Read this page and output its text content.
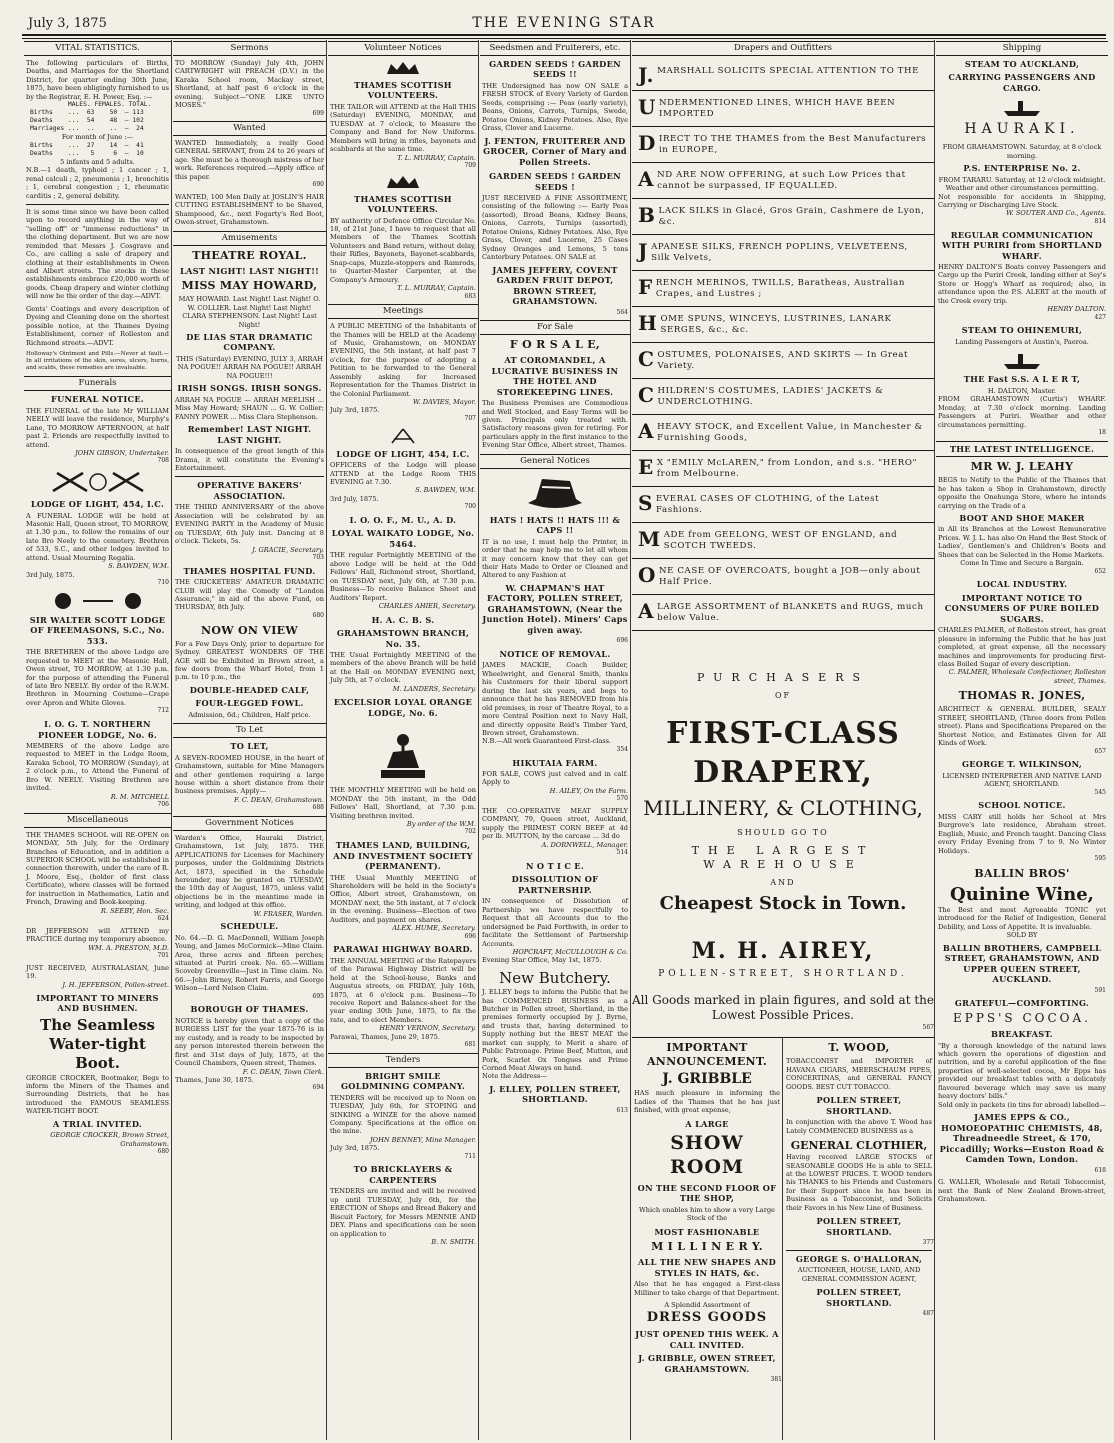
July 3, 1875	THE EVENING STAR
VITAL STATISTICS.
The following particulars of Births, Deaths, and Marriages for the Shortland District, for quarter ending 30th June, 1875, have been obligingly furnished to us by the Registrar, E. H. Power, Esq. :—
MALES. FEMALES. TOTAL.
Births    ...  63    50  — 113
Deaths    ...  54    48  — 102
Marriages ...  ..    ..  —  24
For month of June :—
Births    ...  27    14  —  41
Deaths    ...   5     6  —  10
5 infants and 5 adults.
N.B.—1 death, typhoid ; 1 cancer ; 1, renal calculi ; 2, pneumonia ; 1, bronchitis ; 1, cerebral congestion ; 1, rheumatic carditis ; 2, general debility.
It is some time since we have been called upon to record anything in the way of "selling off" or "immense reductions" in the clothing department. But we are now reminded that Messrs J. Cosgrave and Co., are calling a sale of drapery and clothing at their establishments in Owen and Albert streets. The stocks in these establishments embrace £20,000 worth of goods. Cheap drapery and winter clothing will now be the order of the day.—ADVT.
Gents' Coatings and every description of Dyeing and Cleaning done on the shortest possible notice, at the Thames Dyeing Establishment, corner of Rolleston and Richmond streets.—ADVT.
Holloway's Ointment and Pills.—Never at fault.—In all irritations of the skin, sores, ulcers, burns, and scalds, these remedies are invaluable.
Funerals
FUNERAL NOTICE.
THE FUNERAL of the late Mr WILLIAM NEELY will leave the residence, Murphy's Lane, TO MORROW AFTERNOON, at half past 2. Friends are respectfully invited to attend.
JOHN GIBSON, Undertaker.
708
LODGE OF LIGHT, 454, I.C.
A FUNERAL LODGE will be held at Masonic Hall, Queen street, TO MORROW, at 1.30 p.m., to follow the remains of our late Bro Neely to the cemetery. Brethren of 533, S.C., and other lodges invited to attend. Usual Mourning Regalia.
S. BAWDEN, W.M.
3rd July, 1875.
710
SIR WALTER SCOTT LODGE OF FREEMASONS, S.C., No. 533.
THE BRETHREN of the above Lodge are requested to MEET at the Masonic Hall, Owen street, TO MORROW, at 1.30 p.m. for the purpose of attending the Funeral of late Bro NEELY. By order of the R.W.M. Brethren in Mourning Costume—Crape over Apron and White Gloves.
712
I. O. G. T. NORTHERN PIONEER LODGE, No. 6.
MEMBERS of the above Lodge are requested to MEET in the Lodge Room, Karaka School, TO MORROW (Sunday), at 2 o'clock p.m., to Attend the Funeral of Bro W. NEELY. Visiting Brethren are invited.
R. M. MITCHELL
706
Miscellaneous
THE THAMES SCHOOL will RE-OPEN on MONDAY, 5th July, for the Ordinary Branches of Education, and in addition a SUPERIOR SCHOOL will be established in connection therewith, under the care of R. J. Moore, Esq., (holder of first class Certificate), where classes will be formed for instruction in Mathematics, Latin and French, Drawing and Book-keeping.
R. SEEBY, Hon. Sec.
624
DR JEFFERSON will ATTEND my PRACTICE during my temporary absence.
WM. A. PRESTON, M.D.
701
JUST RECEIVED, AUSTRALASIAN, June 19.
J. H. JEFFERSON, Pollen-street.
IMPORTANT TO MINERS AND BUSHMEN.
The Seamless Water-tight Boot.
GEORGE CROCKER, Bootmaker, Begs to inform the Miners of the Thames and Surrounding Districts, that he has introduced the FAMOUS SEAMLESS WATER-TIGHT BOOT.
A TRIAL INVITED.
GEORGE CROCKER, Brown Street, Grahamstown.
680
Sermons
TO MORROW (Sunday) July 4th, JOHN CARTWRIGHT will PREACH (D.V.) in the Karaka School room, Mackay street, Shortland, at half past 6 o'clock in the evening. Subject—"ONE LIKE UNTO MOSES."
699
Wanted
WANTED Immediately, a really Good GENERAL SERVANT, from 24 to 26 years of age. She must be a thorough mistress of her work. References required.—Apply office of this paper.
690
WANTED, 100 Men Daily at JOSLIN'S HAIR CUTTING ESTABLISHMENT to be Shaved, Shampooed, &c., next Fogarty's Red Boot, Owen-street, Grahamstown.
Amusements
THEATRE ROYAL.
LAST NIGHT! LAST NIGHT!!
MISS MAY HOWARD,
MAY HOWARD. Last Night! Last Night! O. W. COLLIER. Last Night! Last Night! CLARA STEPHENSON. Last Night! Last Night!
DE LIAS STAR DRAMATIC COMPANY.
THIS (Saturday) EVENING, JULY 3, ARRAH NA POGUE!! ARRAH NA POGUE!! ARRAH NA POGUE!!!
IRISH SONGS. IRISH SONGS.
ARRAH NA POGUE — ARRAH MEELISH ... Miss May Howard; SHAUN ... G. W. Collier; FANNY POWER ... Miss Clara Stephenson.
Remember! LAST NIGHT. LAST NIGHT.
In consequence of the great length of this Drama, it will constitute the Evening's Entertainment.
OPERATIVE BAKERS' ASSOCIATION.
THE THIRD ANNIVERSARY of the above Association will be celebrated by an EVENING PARTY in the Academy of Music on TUESDAY, 6th July inst. Dancing at 8 o'clock. Tickets, 5s.
J. GRACIE, Secretary.
703
THAMES HOSPITAL FUND.
THE CRICKETERS' AMATEUR DRAMATIC CLUB will play the Comedy of "London Assurance," in aid of the above Fund, on THURSDAY, 8th July.
680
NOW ON VIEW
For a Few Days Only, prior to departure for Sydney. GREATEST WONDERS OF THE AGE will be Exhibited in Brown street, a few doors from the Wharf Hotel, from 1 p.m. to 10 p.m., the
DOUBLE-HEADED CALF,
FOUR-LEGGED FOWL.
Admission, 6d.; Children, Half price.
To Let
TO LET,
A SEVEN-ROOMED HOUSE, in the heart of Grahamstown, suitable for Mine Managers and other gentlemen requiring a large house within a short distance from their business premises. Apply—
F. C. DEAN, Grahamstown.
688
Government Notices
Warden's Office, Hauraki District, Grahamstown, 1st July, 1875. THE APPLICATIONS for Licenses for Machinery purposes, under the Goldmining Districts Act, 1873, specified in the Schedule hereunder, may be granted on TUESDAY, the 10th day of August, 1875, unless valid objections be in the meantime made in writing, and lodged at this office.
W. FRASER, Warden.
SCHEDULE.
No. 64.—D. G. MacDonnell, William Joseph Young, and James McCormick—Mine Claim. Area, three acres and fifteen perches; situated at Puriri creek. No. 65.—William Scoveby Greenville—Just in Time claim. No. 66.—John Birney, Robert Farris, and George Wilson—Lord Nelson Claim.
695
BOROUGH OF THAMES.
NOTICE is hereby given that a copy of the BURGESS LIST for the year 1875-76 is in my custody, and is ready to be inspected by any person interested therein between the first and 31st days of July, 1875, at the Council Chambers, Queen street, Thames.
F. C. DEAN, Town Clerk.
Thames, June 30, 1875.
694
Volunteer Notices
THAMES SCOTTISH VOLUNTEERS.
THE TAILOR will ATTEND at the Hall THIS (Saturday) EVENING, MONDAY, and TUESDAY at 7 o'clock, to Measure the Company and Band for New Uniforms. Members will bring in rifles, bayonets and scabbards at the same time.
T. L. MURRAY, Captain.
709
THAMES SCOTTISH VOLUNTEERS.
BY authority of Defence Office Circular No. 18, of 21st June, I have to request that all Members of the Thames Scottish Volunteers and Band return, without delay, their Rifles, Bayonets, Bayonet-scabbards, Snap-caps, Muzzle-stoppers and Ramrods, to Quarter-Master Carpenter, at the Company's Armoury.
T. L. MURRAY, Captain.
683
Meetings
A PUBLIC MEETING of the Inhabitants of the Thames will be HELD at the Academy of Music, Grahamstown, on MONDAY EVENING, the 5th instant, at half past 7 o'clock, for the purpose of adopting a Petition to be forwarded to the General Assembly asking for Increased Representation for the Thames District in the Colonial Parliament.
W. DAVIES, Mayor.
July 3rd, 1875.
707
LODGE OF LIGHT, 454, I.C.
OFFICERS of the Lodge will please ATTEND at the Lodge Room THIS EVENING at 7.30.
S. BAWDEN, W.M.
3rd July, 1875.
700
I. O. O. F., M. U., A. D.
LOYAL WAIKATO LODGE, No. 5464.
THE regular Fortnightly MEETING of the above Lodge will be held at the Odd Fellows' Hall, Richmond street, Shortland, on TUESDAY next, July 6th, at 7.30 p.m. Business—To receive Balance Sheet and Auditors' Report.
CHARLES AHIER, Secretary.
H. A. C. B. S.
GRAHAMSTOWN BRANCH, No. 35.
THE Usual Fortnightly MEETING of the members of the above Branch will be held at the Hall on MONDAY EVENING next, July 5th, at 7 o'clock.
M. LANDERS, Secretary.
EXCELSIOR LOYAL ORANGE LODGE, No. 6.
THE MONTHLY MEETING will be held on MONDAY the 5th instant, in the Odd Fellows' Hall, Shortland, at 7.30 p.m. Visiting brethren invited.
By order of the W.M.
702
THAMES LAND, BUILDING, AND INVESTMENT SOCIETY (PERMANENT).
THE Usual Monthly MEETING of Shareholders will be held in the Society's Office, Albert street, Grahamstown, on MONDAY next, the 5th instant, at 7 o'clock in the evening. Business—Election of two Auditors, and payment on shares.
ALEX. HUME, Secretary.
696
PARAWAI HIGHWAY BOARD.
THE ANNUAL MEETING of the Ratepayers of the Parawai Highway District will be held at the School-house, Banks and Augustus streets, on FRIDAY, July 16th, 1875, at 6 o'clock p.m. Business—To receive Report and Balance-sheet for the year ending 30th June, 1875, to fix the rate, and to elect Members.
HENRY VERNON, Secretary.
Parawai, Thames, June 29, 1875.
681
Tenders
BRIGHT SMILE GOLDMINING COMPANY.
TENDERS will be received up to Noon on TUESDAY, July 6th, for STOPING and SINKING a WINZE for the above named Company. Specifications at the office on the mine.
JOHN BENNEY, Mine Manager.
July 3rd, 1875.
711
TO BRICKLAYERS & CARPENTERS
TENDERS are invited and will be received up until TUESDAY, July 6th, for the ERECTION of Shops and Bread Bakery and Biscuit Factory, for Messrs MENNIE AND DEY. Plans and specifications can be seen on application to
B. N. SMITH.
Seedsmen and Fruiterers, etc.
GARDEN SEEDS ! GARDEN SEEDS !!
THE Undersigned has now ON SALE a FRESH STOCK of Every Variety of Garden Seeds, comprising :— Peas (early variety), Beans, Onions, Carrots, Turnips, Swede, Potatoe Onions, Kidney Potatoes. Also, Rye Grass, Clover and Lucerne.
J. FENTON, FRUITERER AND GROCER, Corner of Mary and Pollen Streets.
GARDEN SEEDS ! GARDEN SEEDS !
JUST RECEIVED A FINE ASSORTMENT, consisting of the following :— Early Peas (assorted), Broad Beans, Kidney Beans, Onions, Carrots, Turnips (assorted), Potatoe Onions, Kidney Potatoes. Also, Rye Grass, Clover, and Lucerne, 25 Cases Sydney Oranges and Lemons, 5 tons Canterbury Potatoes. ON SALE at
JAMES JEFFERY, COVENT GARDEN FRUIT DEPOT, BROWN STREET, GRAHAMSTOWN.
564
For Sale
F O R S A L E,
AT COROMANDEL, A LUCRATIVE BUSINESS IN THE HOTEL AND STOREKEEPING LINES.
The Business Premises are Commodious and Well Stocked, and Easy Terms will be given. Principals only treated with. Satisfactory reasons given for retiring. For particulars apply in the first instance to the Evening Star Office, Albert street, Thames.
General Notices
HATS ! HATS !! HATS !!! & CAPS !!
IT is no use, I must help the Printer, in order that he may help me to let all whom it may concern know that they can get their Hats Made to Order or Cleaned and Altered to any Fashion at
W. CHAPMAN'S HAT FACTORY, POLLEN STREET, GRAHAMSTOWN, (Near the Junction Hotel). Miners' Caps given away.
696
NOTICE OF REMOVAL.
JAMES MACKIE, Coach Builder, Wheelwright, and General Smith, thanks his Customers for their liberal support during the last six years, and begs to announce that he has REMOVED from his old premises, in rear of Theatre Royal, to a more Central Position next to Navy Hall, and directly opposite Reid's Timber Yard, Brown street, Grahamstown.
N.B.—All work Guaranteed First-class.
354
HIKUTAIA FARM.
FOR SALE, COWS just calved and in calf. Apply to
H. AILEY, On the Farm.
570
THE CO-OPERATIVE MEAT SUPPLY COMPANY, 79, Queen street, Auckland, supply the PRIMEST CORN BEEF at 4d per lb. MUTTON, by the carcase ... 3d do
A. DORNWELL, Manager.
514
N O T I C E.
DISSOLUTION OF PARTNERSHIP.
IN consequence of Dissolution of Partnership we have respectfully to Request that all Accounts due to the undersigned be Paid Forthwith, in order to facilitate the Settlement of Partnership Accounts.
HOPCRAFT, McCULLOUGH & Co.
Evening Star Office, May 1st, 1875.
New Butchery.
J. ELLEY begs to inform the Public that he has COMMENCED BUSINESS as a Butcher in Pollen street, Shortland, in the premises formerly occupied by J. Byrne, and trusts that, having determined to Supply nothing but the BEST MEAT the market can supply, to Merit a share of Public Patronage. Prime Beef, Mutton, and Pork, Scarlet Ox Tongues and Prime Corned Meat Always on hand.
Note the Address—
J. ELLEY, POLLEN STREET, SHORTLAND.
613
Drapers and Outfitters
J. MARSHALL SOLICITS SPECIAL ATTENTION TO THE
UNDERMENTIONED LINES, WHICH HAVE BEEN IMPORTED
DIRECT TO THE THAMES from the Best Manufacturers in EUROPE,
AND ARE NOW OFFERING, at such Low Prices that cannot be surpassed, IF EQUALLED.
BLACK SILKS in Glacé, Gros Grain, Cashmere de Lyon, &c.
JAPANESE SILKS, FRENCH POPLINS, VELVETEENS, Silk Velvets,
FRENCH MERINOS, TWILLS, Baratheas, Australian Crapes, and Lustres ;
HOME SPUNS, WINCEYS, LUSTRINES, LANARK SERGES, &c., &c.
COSTUMES, POLONAISES, AND SKIRTS — In Great Variety.
CHILDREN'S COSTUMES, LADIES' JACKETS & UNDERCLOTHING.
AHEAVY STOCK, and Excellent Value, in Manchester & Furnishing Goods,
E X "EMILY McLAREN," from London, and s.s. "HERO" from Melbourne.
SEVERAL CASES OF CLOTHING, of the Latest Fashions.
MADE from GEELONG, WEST OF ENGLAND, and SCOTCH TWEEDS.
ONE CASE OF OVERCOATS, bought a JOB—only about Half Price.
ALARGE ASSORTMENT of BLANKETS and RUGS, much below Value.
PURCHASERS
OF
FIRST-CLASS DRAPERY,
MILLINERY, & CLOTHING,
SHOULD GO TO
THE LARGEST WAREHOUSE
AND
Cheapest Stock in Town.
M. H. AIREY,
POLLEN-STREET, SHORTLAND.
All Goods marked in plain figures, and sold at the Lowest Possible Prices.
567
IMPORTANT ANNOUNCEMENT.
J. GRIBBLE
HAS much pleasure in informing the Ladies of the Thames that he has just finished, with great expense,
A LARGE
SHOW ROOM
ON THE SECOND FLOOR OF THE SHOP,
Which enables him to show a very Large Stock of the
MOST FASHIONABLE
M I L L I N E R Y.
ALL THE NEW SHAPES AND STYLES IN HATS, &c.
Also that he has engaged a First-class Milliner to take charge of that Department.
A Splendid Assortment of
DRESS GOODS
JUST OPENED THIS WEEK. A CALL INVITED.
J. GRIBBLE, OWEN STREET, GRAHAMSTOWN.
381
T. WOOD,
TOBACCONIST and IMPORTER of HAVANA CIGARS, MEERSCHAUM PIPES, CONCERTINAS, and GENERAL FANCY GOODS. BEST CUT TOBACCO.
POLLEN STREET, SHORTLAND.
In conjunction with the above T. Wood has Lately COMMENCED BUSINESS as a
GENERAL CLOTHIER,
Having received LARGE STOCKS of SEASONABLE GOODS He is able to SELL at the LOWEST PRICES. T. WOOD tenders his THANKS to his Friends and Customers for their Support since he has been in Business as a Tobacconist, and Solicits their Favors in his New Line of Business.
POLLEN STREET, SHORTLAND.
377
GEORGE S. O'HALLORAN,
AUCTIONEER, HOUSE, LAND, AND GENERAL COMMISSION AGENT,
POLLEN STREET, SHORTLAND.
487
Shipping
STEAM TO AUCKLAND,
CARRYING PASSENGERS AND CARGO.
HAURAKI.
FROM GRAHAMSTOWN. Saturday, at 8 o'clock morning.
P.S. ENTERPRISE No. 2.
FROM TARARU. Saturday, at 12 o'clock midnight. Weather and other circumstances permitting.
Not responsible for accidents in Shipping, Carrying or Discharging Live Stock.
W. SOUTER AND Co., Agents.
814
REGULAR COMMUNICATION WITH PURIRI from SHORTLAND WHARF.
HENRY DALTON'S Boats convey Passengers and Cargo up the Puriri Creek, landing either at Sey's Store or Hogg's Wharf as required; also, in attendance upon the P.S. ALERT at the mouth of the Creek every trip.
HENRY DALTON.
427
STEAM TO OHINEMURI,
Landing Passengers at Austin's, Paeroa.
THE Fast S.S. A L E R T,
H. DALTON, Master.
FROM GRAHAMSTOWN (Curtis') WHARF. Monday, at 7.30 o'clock morning. Landing Passengers at Puriri. Weather and other circumstances permitting.
18
THE LATEST INTELLIGENCE.
MR W. J. LEAHY
BEGS to Notify to the Public of the Thames that he has taken a Shop in Grahamstown, directly opposite the Onehunga Store, where he intends carrying on the Trade of a
BOOT AND SHOE MAKER
in All its Branches at the Lowest Remunerative Prices. W. J. L. has also On Hand the Best Stock of Ladies', Gentlemen's and Children's Boots and Shoes that can be Selected in the Home Markets.
Come In Time and Secure a Bargain.
652
LOCAL INDUSTRY.
IMPORTANT NOTICE TO CONSUMERS OF PURE BOILED SUGARS.
CHARLES PALMER, of Rolleston street, has great pleasure in informing the Public that he has just completed, at great expense, all the necessary machines and improvements for producing first-class Boiled Sugar of every description.
C. PALMER, Wholesale Confectioner, Rolleston street, Thames.
THOMAS R. JONES,
ARCHITECT & GENERAL BUILDER, SEALY STREET, SHORTLAND, (Three doors from Pollen street). Plans and Specifications Prepared on the Shortest Notice, and Estimates Given for All Kinds of Work.
657
GEORGE T. WILKINSON,
LICENSED INTERPRETER AND NATIVE LAND AGENT, SHORTLAND.
545
SCHOOL NOTICE.
MISS CARY still holds her School at Mrs Burgrove's late residence, Abraham street. English, Music, and French taught. Dancing Class every Friday Evening from 7 to 9. No Winter Holidays.
595
BALLIN BROS'
Quinine Wine,
The Best and most Agreeable TONIC yet introduced for the Relief of Indigestion, General Debility, and Loss of Appetite. It is invaluable.
SOLD BY
BALLIN BROTHERS, CAMPBELL STREET, GRAHAMSTOWN, AND UPPER QUEEN STREET, AUCKLAND.
591
GRATEFUL—COMFORTING.
EPPS'S COCOA.
BREAKFAST.
"By a thorough knowledge of the natural laws which govern the operations of digestion and nutrition, and by a careful application of the fine properties of well-selected cocoa, Mr Epps has provided our breakfast tables with a delicately flavoured beverage which may save us many heavy doctors' bills."
Sold only in packets (in tins for abroad) labelled—
JAMES EPPS & CO., HOMOEOPATHIC CHEMISTS, 48, Threadneedle Street, & 170, Piccadilly; Works—Euston Road & Camden Town, London.
618
G. WALLER, Wholesale and Retail Tobacconist, next the Bank of New Zealand Brown-street, Grahamstown.
